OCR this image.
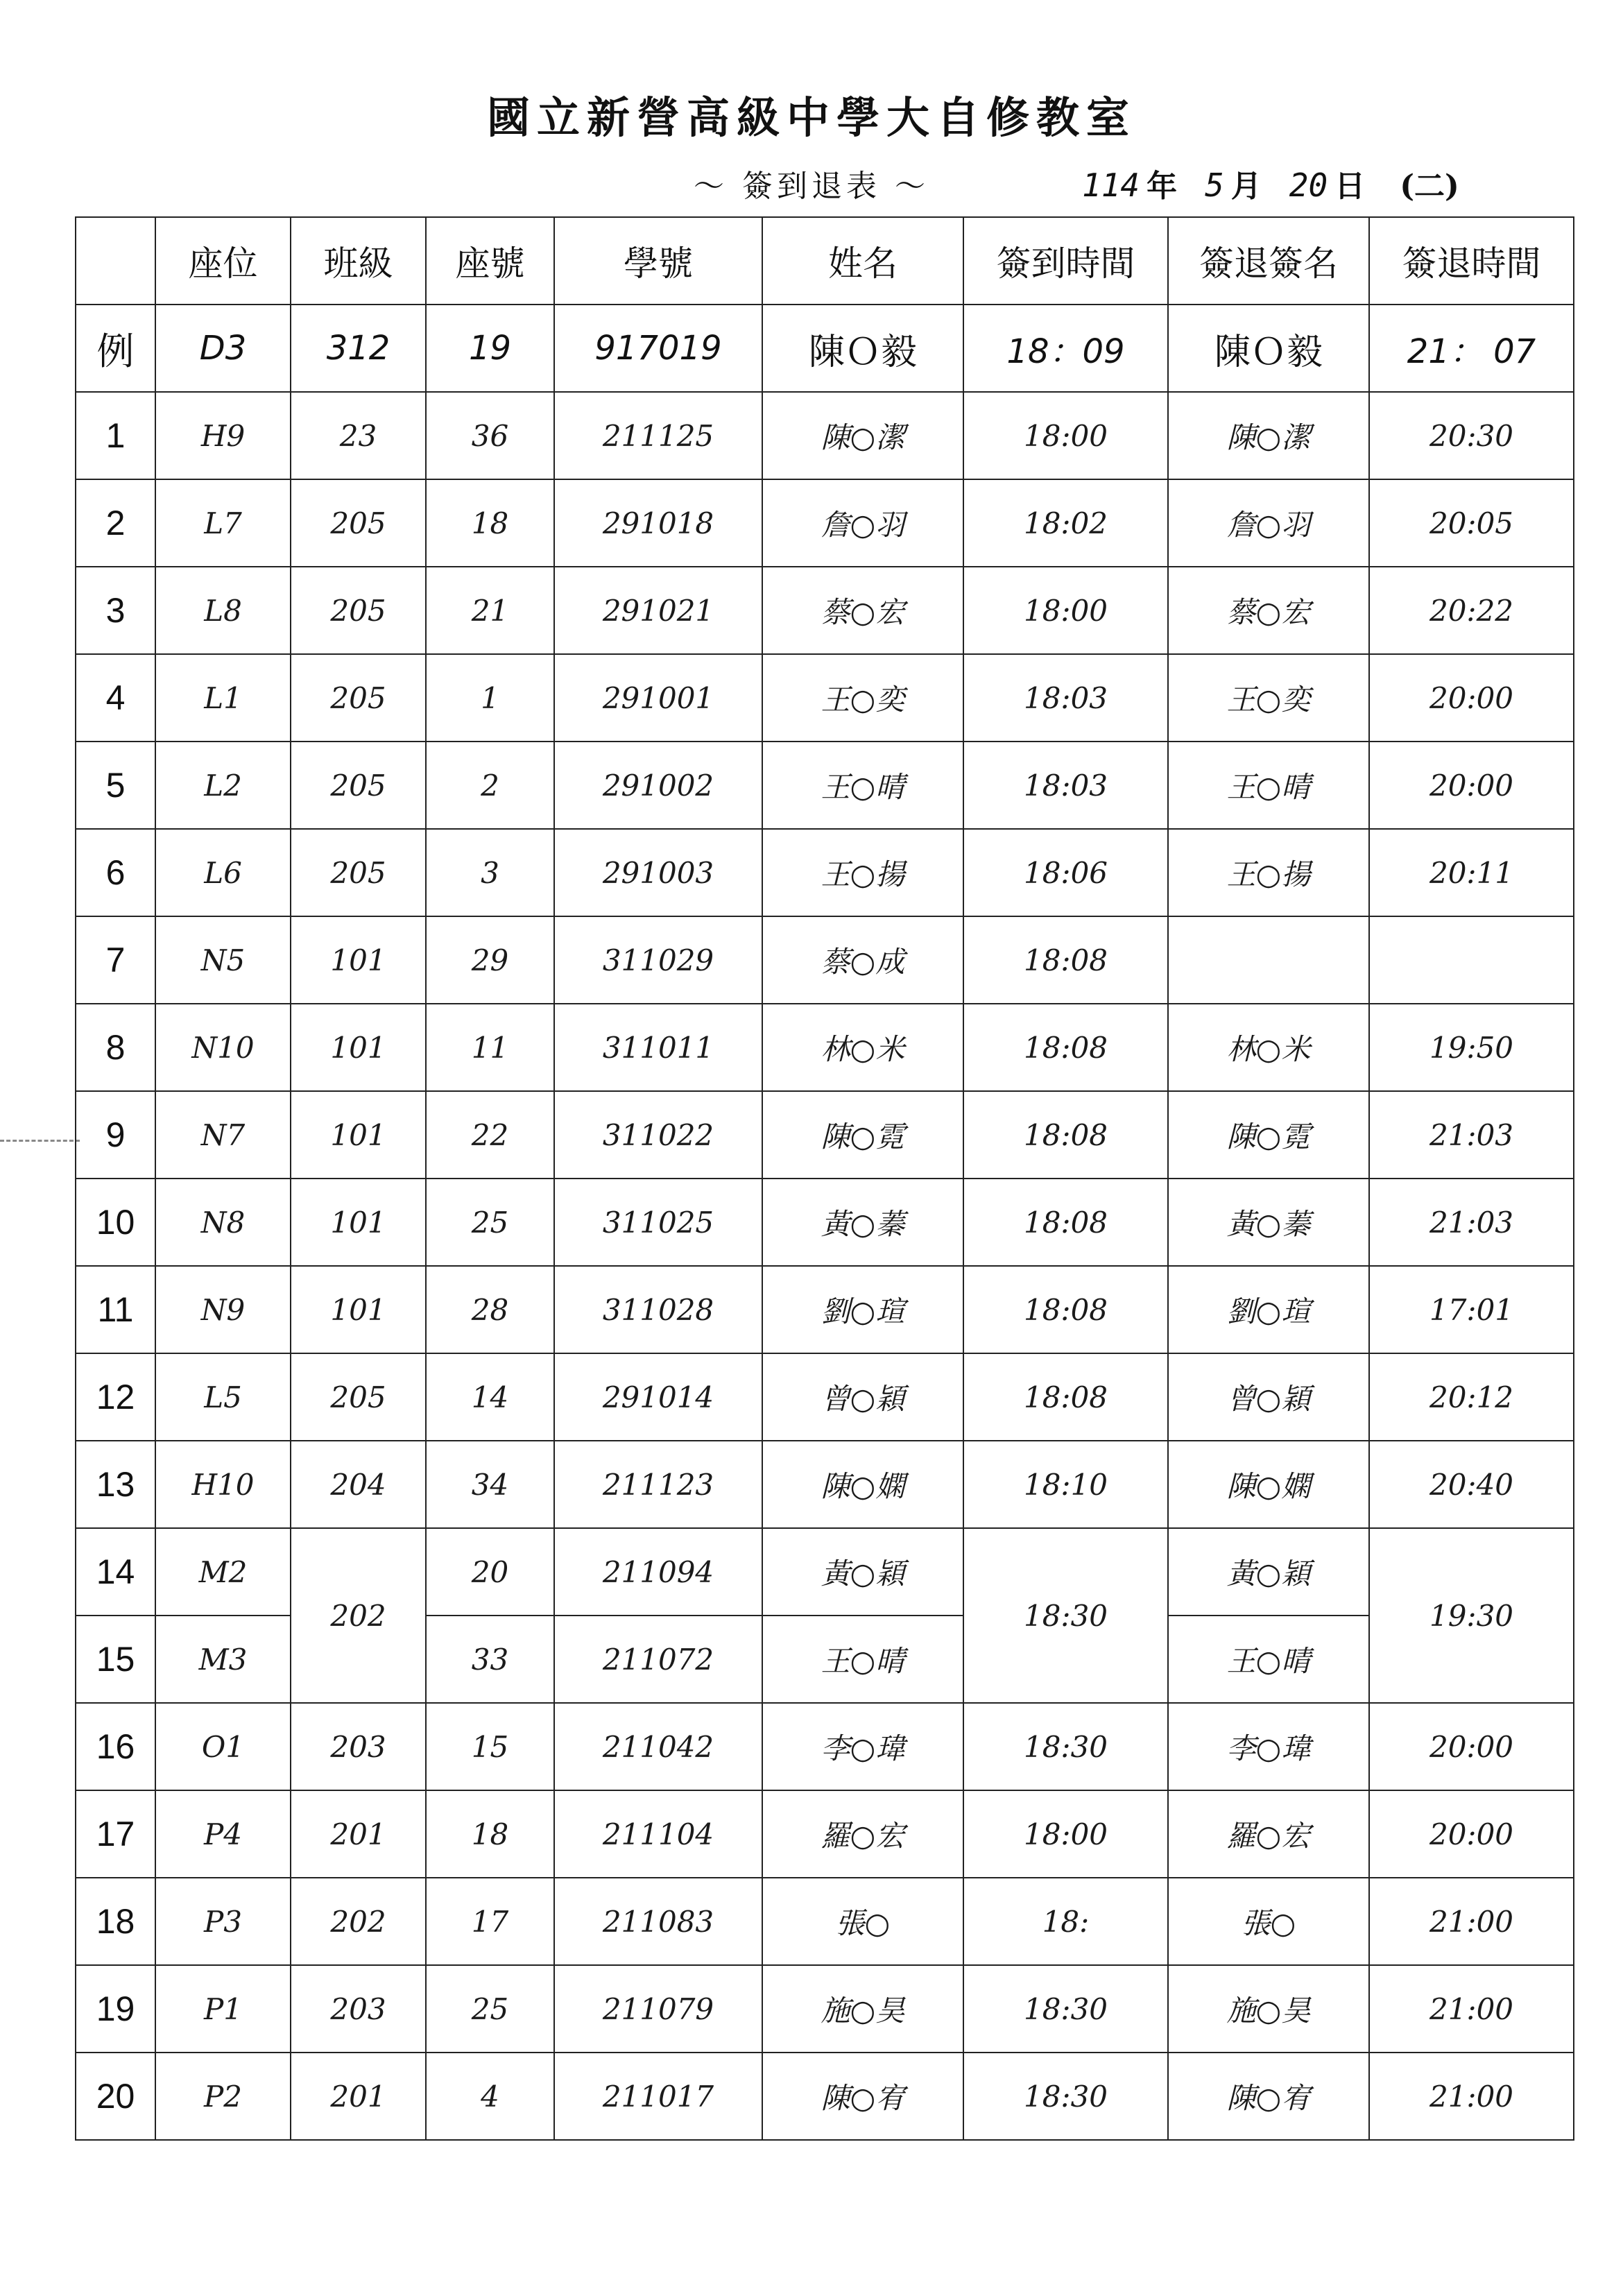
國立新營高級中學大自修教室
～ 簽到退表 ～	114 年 5 月 20 日 (二)
	座位	班級	座號	學號	姓名	簽到時間	簽退簽名	簽退時間
例	D3	312	19	917019	陳Ｏ毅	18：09	陳Ｏ毅	21： 07
1	H9	23	36	211125	陳○潔	18:00	陳○潔	20:30
2	L7	205	18	291018	詹○羽	18:02	詹○羽	20:05
3	L8	205	21	291021	蔡○宏	18:00	蔡○宏	20:22
4	L1	205	1	291001	王○奕	18:03	王○奕	20:00
5	L2	205	2	291002	王○晴	18:03	王○晴	20:00
6	L6	205	3	291003	王○揚	18:06	王○揚	20:11
7	N5	101	29	311029	蔡○成	18:08		
8	N10	101	11	311011	林○米	18:08	林○米	19:50
9	N7	101	22	311022	陳○霓	18:08	陳○霓	21:03
10	N8	101	25	311025	黃○蓁	18:08	黃○蓁	21:03
11	N9	101	28	311028	劉○瑄	18:08	劉○瑄	17:01
12	L5	205	14	291014	曾○穎	18:08	曾○穎	20:12
13	H10	204	34	211123	陳○嫻	18:10	陳○嫻	20:40
14	M2	202	20	211094	黃○穎	18:30	黃○穎	19:30
15	M3		33	211072	王○晴		王○晴	
16	O1	203	15	211042	李○瑋	18:30	李○瑋	20:00
17	P4	201	18	211104	羅○宏	18:00	羅○宏	20:00
18	P3	202	17	211083	張○	18:	張○	21:00
19	P1	203	25	211079	施○昊	18:30	施○昊	21:00
20	P2	201	4	211017	陳○宥	18:30	陳○宥	21:00
